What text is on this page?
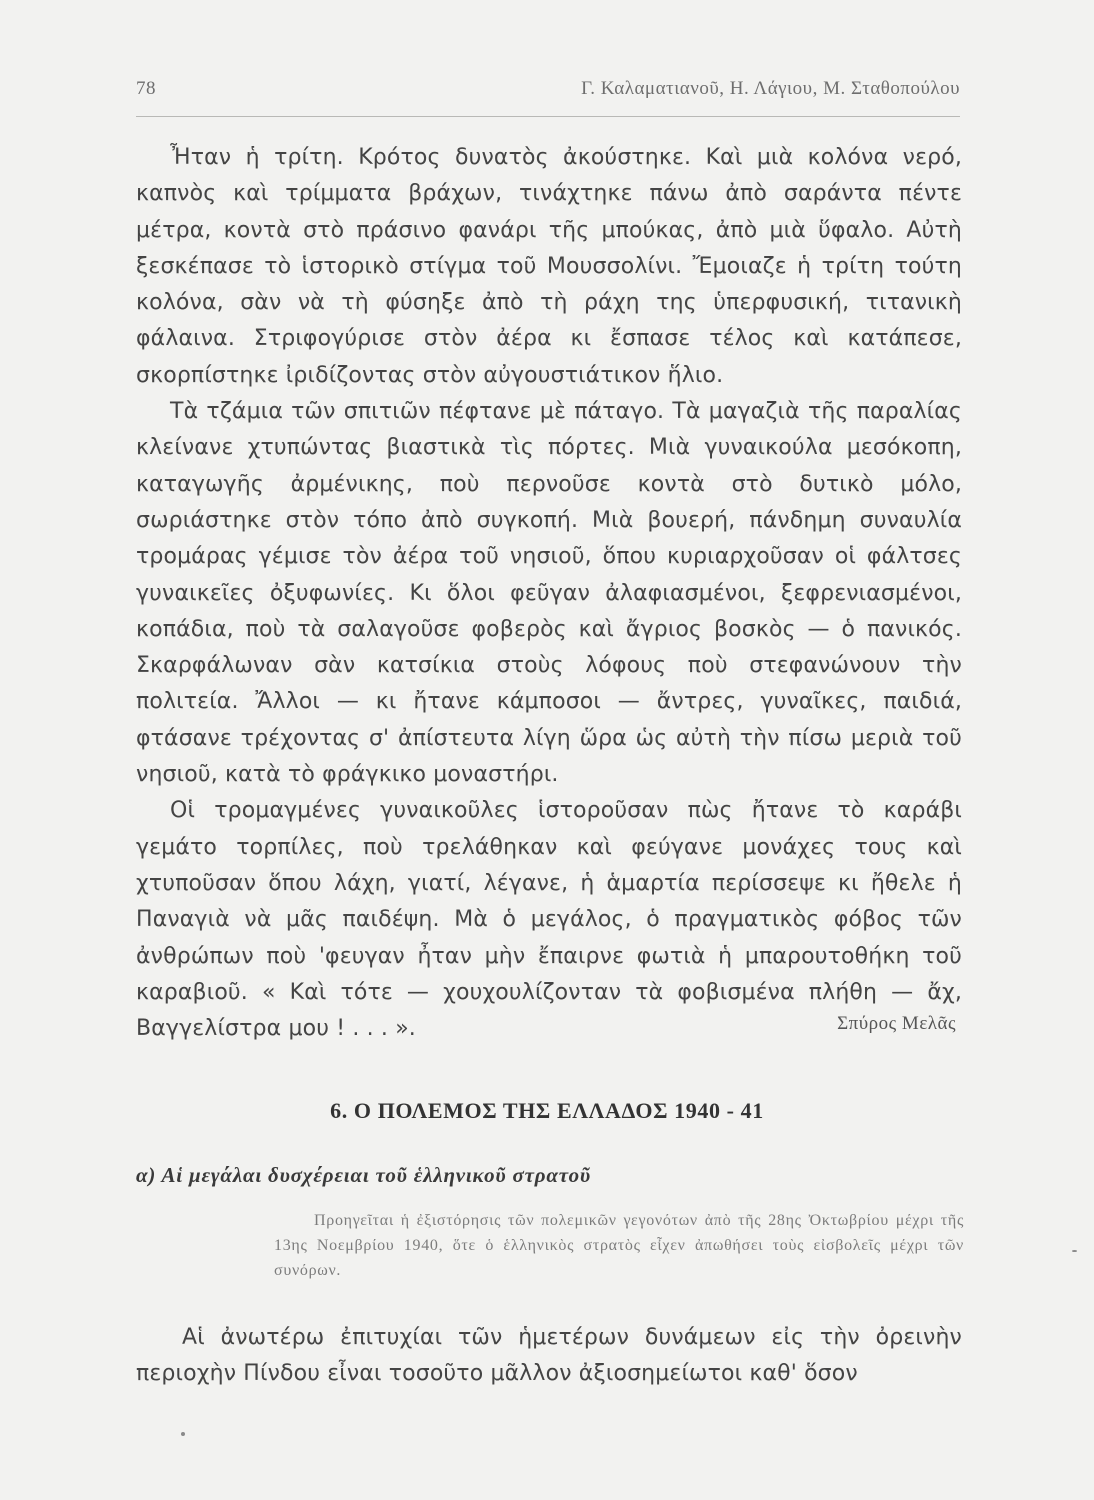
78	Γ. Καλαματιανοῦ, Η. Λάγιου, Μ. Σταθοπούλου

Ἦταν ἡ τρίτη. Κρότος δυνατὸς ἀκούστηκε. Καὶ μιὰ κολόνα νερό, καπνὸς καὶ τρίμματα βράχων, τινάχτηκε πάνω ἀπὸ σαράντα πέντε μέτρα, κοντὰ στὸ πράσινο φανάρι τῆς μπούκας, ἀπὸ μιὰ ὕφαλο. Αὐτὴ ξεσκέπασε τὸ ἱστορικὸ στίγμα τοῦ Μουσσολίνι. Ἔμοιαζε ἡ τρίτη τούτη κολόνα, σὰν νὰ τὴ φύσηξε ἀπὸ τὴ ράχη της ὑπερφυσική, τιτανικὴ φάλαινα. Στριφογύρισε στὸν ἀέρα κι ἔσπασε τέλος καὶ κατάπεσε, σκορπίστηκε ἰριδίζοντας στὸν αὐγουστιάτικον ἥλιο.

Τὰ τζάμια τῶν σπιτιῶν πέφτανε μὲ πάταγο. Τὰ μαγαζιὰ τῆς παραλίας κλείνανε χτυπώντας βιαστικὰ τὶς πόρτες. Μιὰ γυναικούλα μεσόκοπη, καταγωγῆς ἀρμένικης, ποὺ περνοῦσε κοντὰ στὸ δυτικὸ μόλο, σωριάστηκε στὸν τόπο ἀπὸ συγκοπή. Μιὰ βουερή, πάνδημη συναυλία τρομάρας γέμισε τὸν ἀέρα τοῦ νησιοῦ, ὅπου κυριαρχοῦσαν οἱ φάλτσες γυναικεῖες ὀξυφωνίες. Κι ὅλοι φεῦγαν ἀλαφιασμένοι, ξεφρενιασμένοι, κοπάδια, ποὺ τὰ σαλαγοῦσε φοβερὸς καὶ ἄγριος βοσκὸς — ὁ πανικός. Σκαρφάλωναν σὰν κατσίκια στοὺς λόφους ποὺ στεφανώνουν τὴν πολιτεία. Ἄλλοι — κι ἤτανε κάμποσοι — ἄντρες, γυναῖκες, παιδιά, φτάσανε τρέχοντας σ' ἀπίστευτα λίγη ὥρα ὡς αὐτὴ τὴν πίσω μεριὰ τοῦ νησιοῦ, κατὰ τὸ φράγκικο μοναστήρι.

Οἱ τρομαγμένες γυναικοῦλες ἱστοροῦσαν πὼς ἤτανε τὸ καράβι γεμάτο τορπίλες, ποὺ τρελάθηκαν καὶ φεύγανε μονάχες τους καὶ χτυποῦσαν ὅπου λάχη, γιατί, λέγανε, ἡ ἁμαρτία περίσσεψε κι ἤθελε ἡ Παναγιὰ νὰ μᾶς παιδέψη. Μὰ ὁ μεγάλος, ὁ πραγματικὸς φόβος τῶν ἀνθρώπων ποὺ 'φευγαν ἦταν μὴν ἔπαιρνε φωτιὰ ἡ μπαρουτοθήκη τοῦ καραβιοῦ. « Καὶ τότε — χουχουλίζονταν τὰ φοβισμένα πλήθη — ἄχ, Βαγγελίστρα μου ! . . . ».	Σπύρος Μελᾶς
6. Ο ΠΟΛΕΜΟΣ ΤΗΣ ΕΛΛΑΔΟΣ 1940 - 41
α) Αἱ μεγάλαι δυσχέρειαι τοῦ ἑλληνικοῦ στρατοῦ
Προηγεῖται ἡ ἐξιστόρησις τῶν πολεμικῶν γεγονότων ἀπὸ τῆς 28ης Ὀκτωβρίου μέχρι τῆς 13ης Νοεμβρίου 1940, ὅτε ὁ ἑλληνικὸς στρατὸς εἶχεν ἀπωθήσει τοὺς εἰσβολεῖς μέχρι τῶν συνόρων.

Αἱ ἀνωτέρω ἐπιτυχίαι τῶν ἡμετέρων δυνάμεων εἰς τὴν ὀρεινὴν περιοχὴν Πίνδου εἶναι τοσοῦτο μᾶλλον ἀξιοσημείωτοι καθ' ὅσον
